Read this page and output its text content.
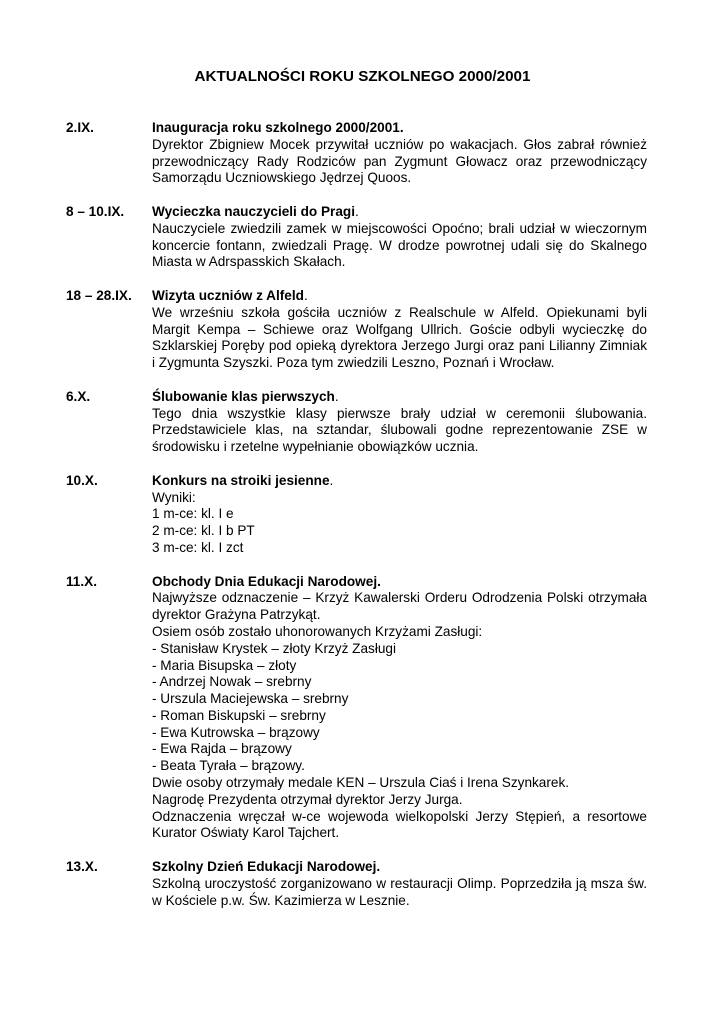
AKTUALNOŚCI ROKU SZKOLNEGO 2000/2001
2.IX.	Inauguracja roku szkolnego 2000/2001.
Dyrektor Zbigniew Mocek przywitał uczniów po wakacjach. Głos zabrał również przewodniczący Rady Rodziców pan Zygmunt Głowacz oraz przewodniczący Samorządu Uczniowskiego Jędrzej Quoos.
8 – 10.IX.	Wycieczka nauczycieli do Pragi.
Nauczyciele zwiedzili zamek w miejscowości Opoćno; brali udział w wieczornym koncercie fontann, zwiedzali Pragę. W drodze powrotnej udali się do Skalnego Miasta w Adrspasskich Skałach.
18 – 28.IX.	Wizyta uczniów z Alfeld.
We wrześniu szkoła gościła uczniów z Realschule w Alfeld. Opiekunami byli Margit Kempa – Schiewe oraz Wolfgang Ullrich. Goście odbyli wycieczkę do Szklarskiej Poręby pod opieką dyrektora Jerzego Jurgi oraz pani Lilianny Zimniak i Zygmunta Szyszki. Poza tym zwiedzili Leszno, Poznań i Wrocław.
6.X.	Ślubowanie klas pierwszych.
Tego dnia wszystkie klasy pierwsze brały udział w ceremonii ślubowania. Przedstawiciele klas, na sztandar, ślubowali godne reprezentowanie ZSE w środowisku i rzetelne wypełnianie obowiązków ucznia.
10.X.	Konkurs na stroiki jesienne.
Wyniki:
1 m-ce: kl. I e
2 m-ce: kl. I b PT
3 m-ce: kl. I zct
11.X.	Obchody Dnia Edukacji Narodowej.
Najwyższe odznaczenie – Krzyż Kawalerski Orderu Odrodzenia Polski otrzymała dyrektor Grażyna Patrzykąt.
Osiem osób zostało uhonorowanych Krzyżami Zasługi:
- Stanisław Krystek – złoty Krzyż Zasługi
- Maria Bisupska – złoty
- Andrzej Nowak – srebrny
- Urszula Maciejewska – srebrny
- Roman Biskupski – srebrny
- Ewa Kutrowska – brązowy
- Ewa Rajda – brązowy
- Beata Tyrała – brązowy.
Dwie osoby otrzymały medale KEN – Urszula Ciaś i Irena Szynkarek.
Nagrodę Prezydenta otrzymał dyrektor Jerzy Jurga.
Odznaczenia wręczał w-ce wojewoda wielkopolski Jerzy Stępień, a resortowe Kurator Oświaty Karol Tajchert.
13.X.	Szkolny Dzień Edukacji Narodowej.
Szkolną uroczystość zorganizowano w restauracji Olimp. Poprzedziła ją msza św. w Kościele p.w. Św. Kazimierza w Lesznie.
